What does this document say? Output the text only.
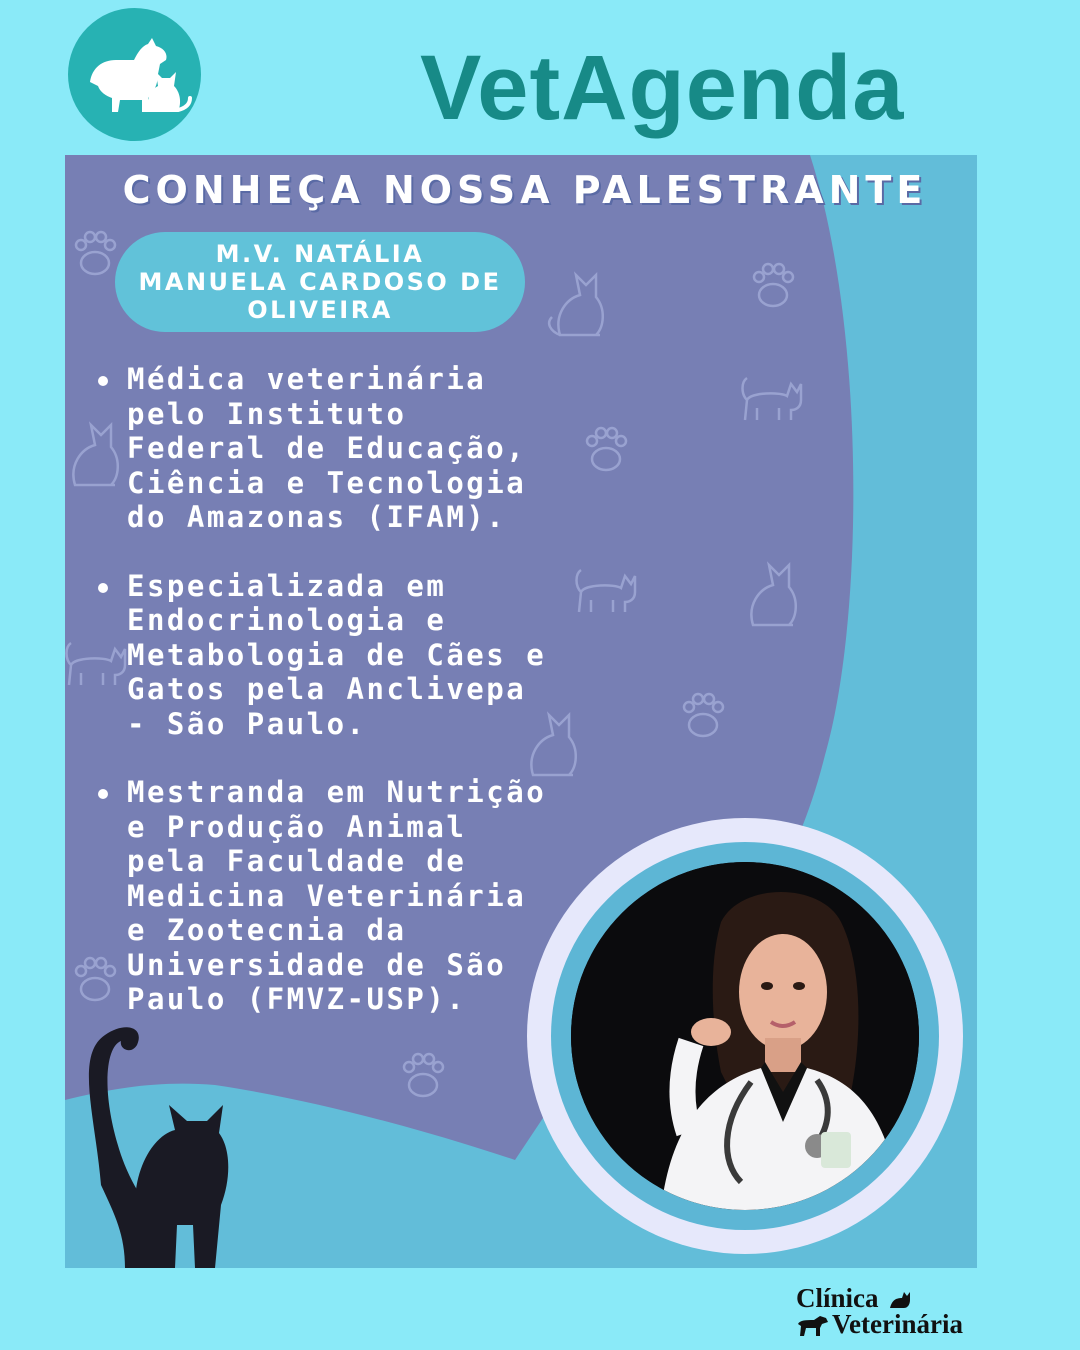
VetAgenda
CONHEÇA NOSSA PALESTRANTE
M.V. NATÁLIA
MANUELA CARDOSO DE
OLIVEIRA
Médica veterinária pelo Instituto Federal de Educação, Ciência e Tecnologia do Amazonas (IFAM).
Especializada em Endocrinologia e Metabologia de Cães e Gatos pela Anclivepa - São Paulo.
Mestranda em Nutrição e Produção Animal pela Faculdade de Medicina Veterinária e Zootecnia da Universidade de São Paulo (FMVZ-USP).
Clínica
Veterinária
